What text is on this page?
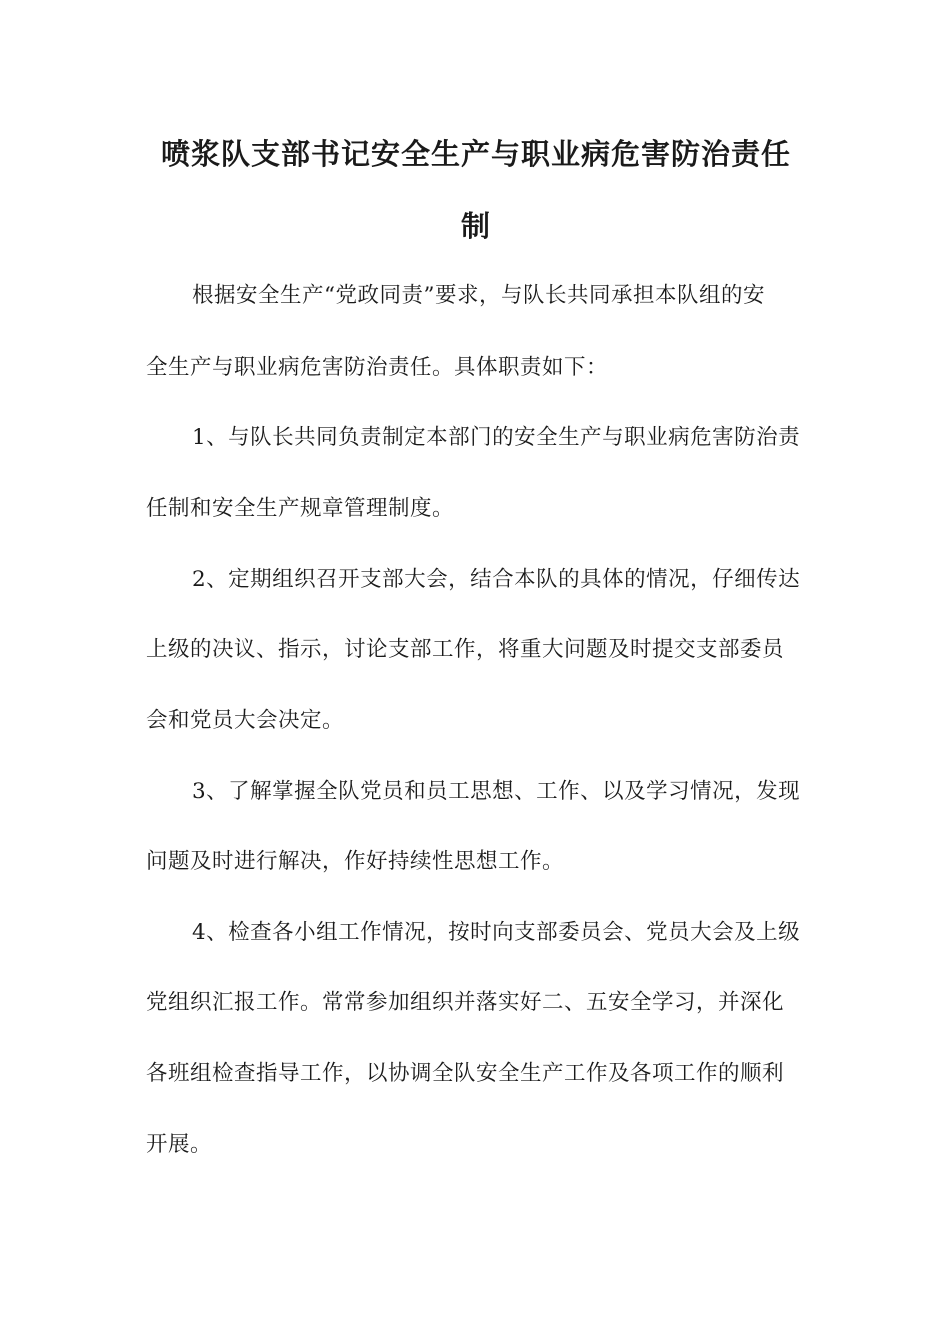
喷浆队支部书记安全生产与职业病危害防治责任
制
根据安全生产“党政同责”要求，与队长共同承担本队组的安
全生产与职业病危害防治责任。具体职责如下：
1、与队长共同负责制定本部门的安全生产与职业病危害防治责
任制和安全生产规章管理制度。
2、定期组织召开支部大会，结合本队的具体的情况，仔细传达
上级的决议、指示，讨论支部工作，将重大问题及时提交支部委员
会和党员大会决定。
3、了解掌握全队党员和员工思想、工作、以及学习情况，发现
问题及时进行解决，作好持续性思想工作。
4、检查各小组工作情况，按时向支部委员会、党员大会及上级
党组织汇报工作。常常参加组织并落实好二、五安全学习，并深化
各班组检查指导工作，以协调全队安全生产工作及各项工作的顺利
开展。
